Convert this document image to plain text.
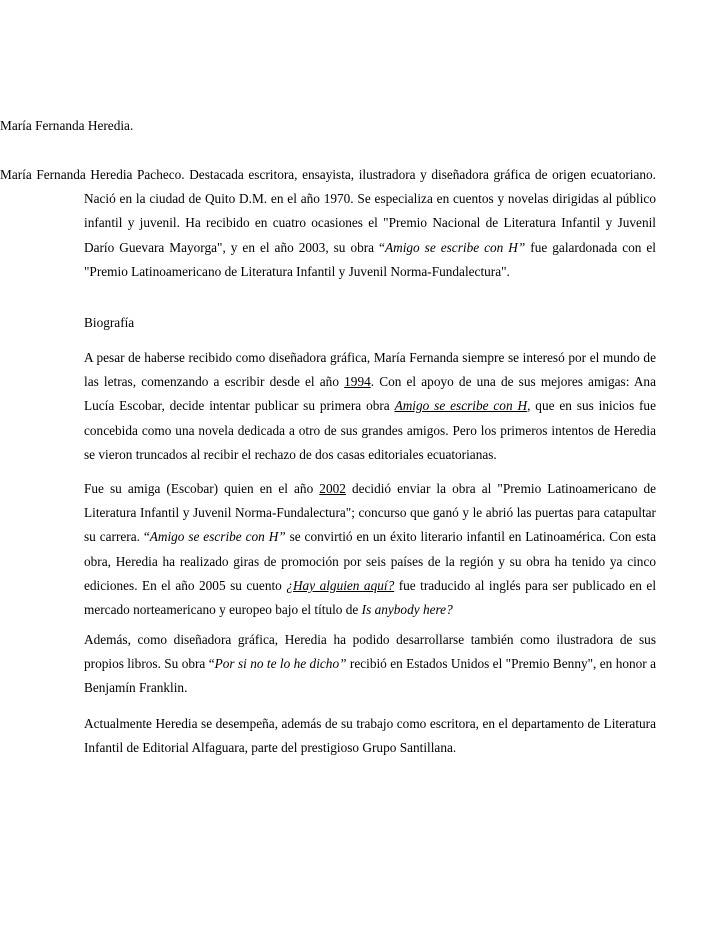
María Fernanda Heredia.
María Fernanda Heredia Pacheco. Destacada escritora, ensayista, ilustradora y diseñadora gráfica de origen ecuatoriano.
Nació en la ciudad de Quito D.M. en el año 1970. Se especializa en cuentos y novelas dirigidas al público infantil y juvenil. Ha recibido en cuatro ocasiones el "Premio Nacional de Literatura Infantil y Juvenil Darío Guevara Mayorga", y en el año 2003, su obra “Amigo se escribe con H” fue galardonada con el "Premio Latinoamericano de Literatura Infantil y Juvenil Norma-Fundalectura".
Biografía
A pesar de haberse recibido como diseñadora gráfica, María Fernanda siempre se interesó por el mundo de las letras, comenzando a escribir desde el año 1994. Con el apoyo de una de sus mejores amigas: Ana Lucía Escobar, decide intentar publicar su primera obra Amigo se escribe con H, que en sus inicios fue concebida como una novela dedicada a otro de sus grandes amigos. Pero los primeros intentos de Heredia se vieron truncados al recibir el rechazo de dos casas editoriales ecuatorianas.
Fue su amiga (Escobar) quien en el año 2002 decidió enviar la obra al "Premio Latinoamericano de Literatura Infantil y Juvenil Norma-Fundalectura"; concurso que ganó y le abrió las puertas para catapultar su carrera. “Amigo se escribe con H” se convirtió en un éxito literario infantil en Latinoamérica. Con esta obra, Heredia ha realizado giras de promoción por seis países de la región y su obra ha tenido ya cinco ediciones. En el año 2005 su cuento ¿Hay alguien aquí? fue traducido al inglés para ser publicado en el mercado norteamericano y europeo bajo el título de Is anybody here?
Además, como diseñadora gráfica, Heredia ha podido desarrollarse también como ilustradora de sus propios libros. Su obra “Por si no te lo he dicho” recibió en Estados Unidos el "Premio Benny", en honor a Benjamín Franklin.
Actualmente Heredia se desempeña, además de su trabajo como escritora, en el departamento de Literatura Infantil de Editorial Alfaguara, parte del prestigioso Grupo Santillana.
